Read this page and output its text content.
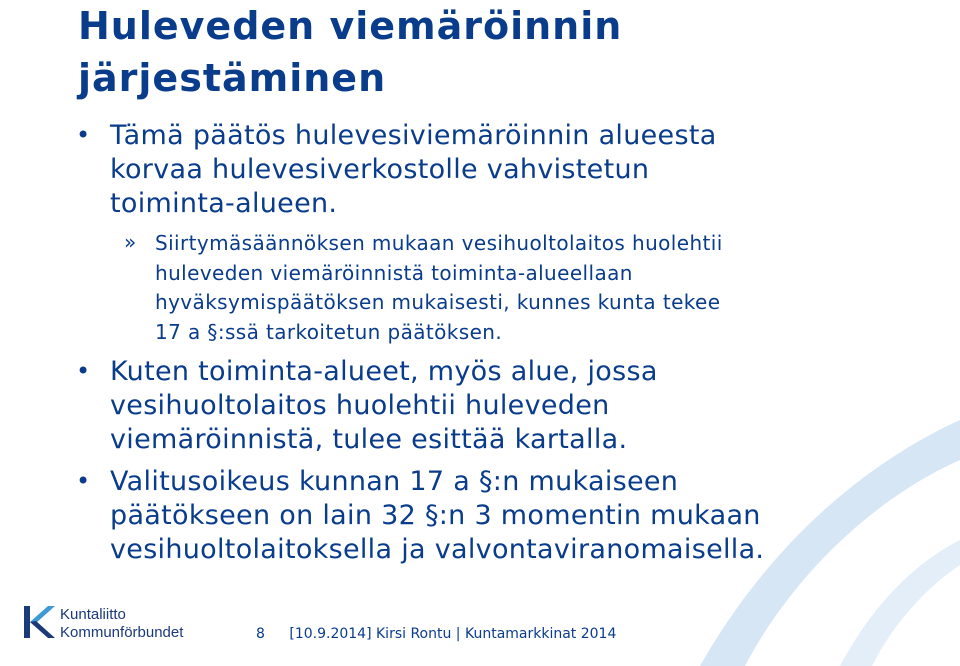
Huleveden viemäröinnin
järjestäminen
• Tämä päätös hulevesiviemäröinnin alueesta
korvaa hulevesiverkostolle vahvistetun
toiminta-alueen.

» Siirtymäsäännöksen mukaan vesihuoltolaitos huolehtii
huleveden viemäröinnistä toiminta-alueellaan
hyväksymispäätöksen mukaisesti, kunnes kunta tekee
17 a §:ssä tarkoitetun päätöksen.

• Kuten toiminta-alueet, myös alue, jossa
vesihuoltolaitos huolehtii huleveden
viemäröinnistä, tulee esittää kartalla.

• Valitusoikeus kunnan 17 a §:n mukaiseen
päätökseen on lain 32 §:n 3 momentin mukaan
vesihuoltolaitoksella ja valvontaviranomaisella.

Kuntaliitto
Kommunförbundet	8 [10.9.2014] Kirsi Rontu | Kuntamarkkinat 2014
